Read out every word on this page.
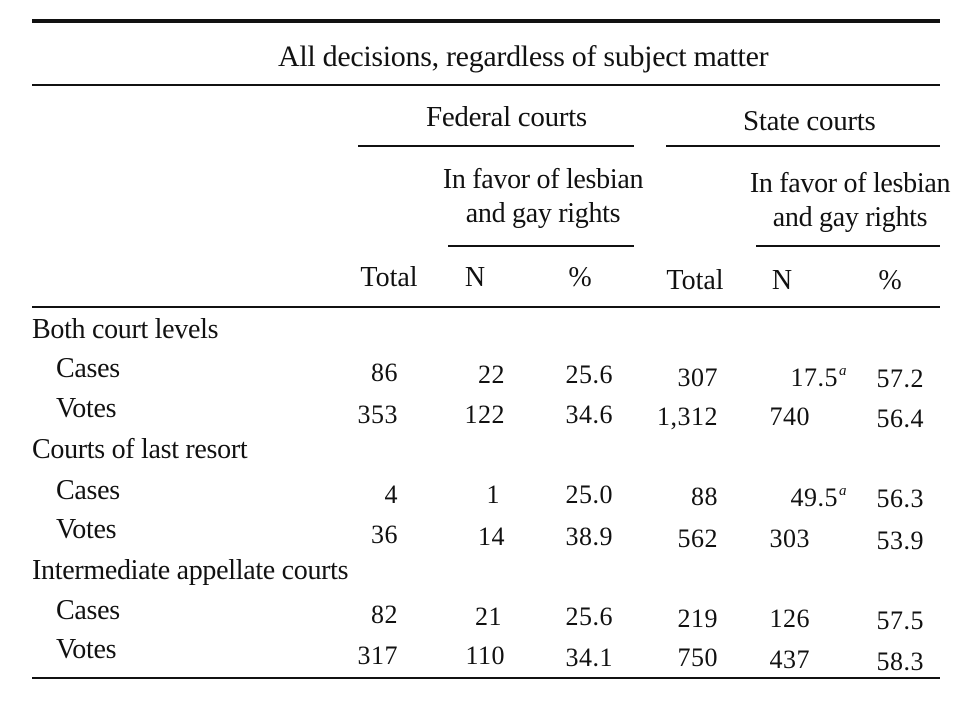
All decisions, regardless of subject matter
Federal courts	State courts
In favor of lesbian
and gay rights
In favor of lesbian
and gay rights
Total	N	%	Total	N	%
Both court levels
Cases	86	22	25.6	307	17.5$^a$	57.2
Votes	353	122	34.6	1,312	740	56.4
Courts of last resort
Cases	4	1	25.0	88	49.5$^a$	56.3
Votes	36	14	38.9	562	303	53.9
Intermediate appellate courts
Cases	82	21	25.6	219	126	57.5
Votes	317	110	34.1	750	437	58.3
